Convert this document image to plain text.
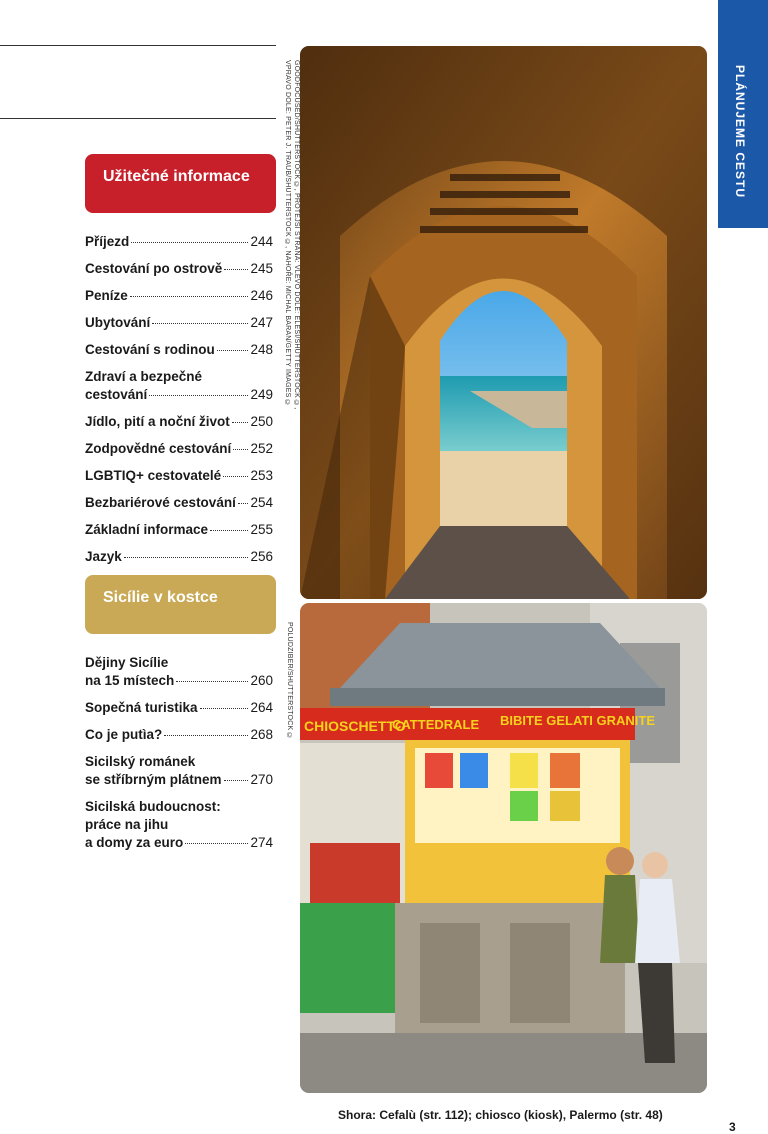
Užitečné informace
Příjezd	244
Cestování po ostrově 245
Peníze	246
Ubytování	247
Cestování s rodinou	248
Zdraví a bezpečné
cestování	249
Jídlo, pití a noční život 250
Zodpovědné cestování 252
LGBTIQ+ cestovatelé 253
Bezbariérové cestování 254
Základní informace	255
Jazyk	256
Sicílie v kostce
Dějiny Sicílie
na 15 místech	260
Sopečná turistika	264
Co je putìa?	268
Sicilský románek
se stříbrným plátnem 270
Sicilská budoucnost:
práce na jihu
a domy za euro	274
GOODFOCUSED/SHUTTERSTOCK ©, PROTĚJŠÍ STRANA: VLEVO DOLE: ELESI/SHUTTERSTOCK ©,
VPRAVO DOLE: PETER J. TRAUB/SHUTTERSTOCK ©, NAHOŘE: MICHAL BARAN/GETTY IMAGES ©
POLUDZIBER/SHUTTERSTOCK © CHIOSCHETTO
CATTEDRALE BIBITE GELATI GRANITE
PLÁNUJEME CESTU
Shora: Cefalù (str. 112); chiosco (kiosk), Palermo (str. 48)
3
